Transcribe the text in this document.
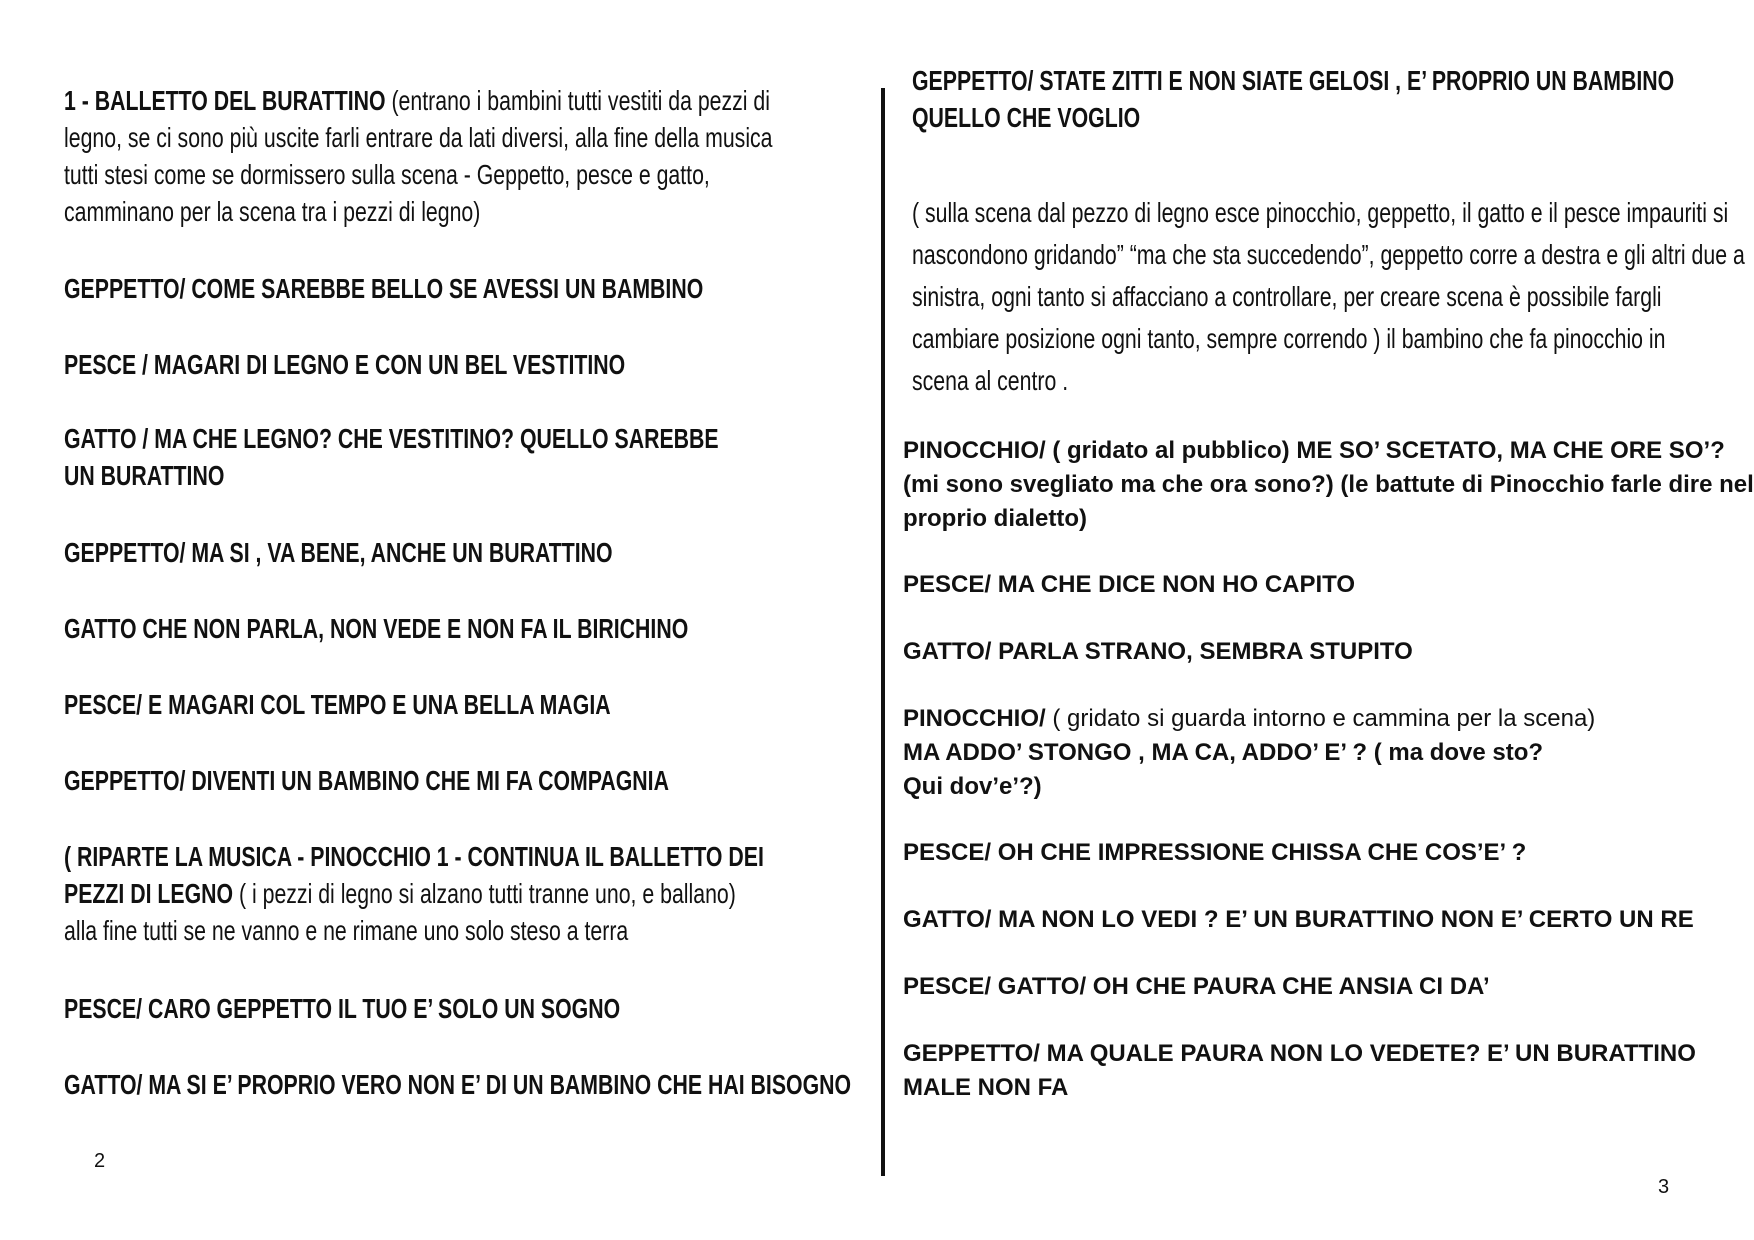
1 - BALLETTO DEL BURATTINO (entrano i bambini tutti vestiti da pezzi di
legno, se ci sono più uscite farli entrare da lati diversi, alla fine della musica
tutti stesi come se dormissero sulla scena - Geppetto, pesce e gatto,
camminano per la scena tra i pezzi di legno)
GEPPETTO/ COME SAREBBE BELLO SE AVESSI UN BAMBINO
PESCE / MAGARI DI LEGNO E CON UN BEL VESTITINO
GATTO / MA CHE LEGNO? CHE VESTITINO? QUELLO SAREBBE
UN BURATTINO
GEPPETTO/ MA SI , VA BENE, ANCHE UN BURATTINO
GATTO CHE NON PARLA, NON VEDE E NON FA IL BIRICHINO
PESCE/ E MAGARI COL TEMPO E UNA BELLA MAGIA
GEPPETTO/ DIVENTI UN BAMBINO CHE MI FA COMPAGNIA
( RIPARTE LA MUSICA - PINOCCHIO 1 - CONTINUA IL BALLETTO DEI
PEZZI DI LEGNO ( i pezzi di legno si alzano tutti tranne uno, e ballano)
alla fine tutti se ne vanno e ne rimane uno solo steso a terra
PESCE/ CARO GEPPETTO IL TUO E’ SOLO UN SOGNO
GATTO/ MA SI E’ PROPRIO VERO NON E’ DI UN BAMBINO CHE HAI BISOGNO
2
GEPPETTO/ STATE ZITTI E NON SIATE GELOSI , E’ PROPRIO UN BAMBINO
QUELLO CHE VOGLIO
( sulla scena dal pezzo di legno esce pinocchio, geppetto, il gatto e il pesce impauriti si
nascondono gridando” “ma che sta succedendo”, geppetto corre a destra e gli altri due a
sinistra, ogni tanto si affacciano a controllare, per creare scena è possibile fargli
cambiare posizione ogni tanto, sempre correndo ) il bambino che fa pinocchio in
scena al centro .
PINOCCHIO/ ( gridato al pubblico) ME SO’ SCETATO, MA CHE ORE SO’?
(mi sono svegliato ma che ora sono?) (le battute di Pinocchio farle dire nel
proprio dialetto)
PESCE/ MA CHE DICE NON HO CAPITO
GATTO/ PARLA STRANO, SEMBRA STUPITO
PINOCCHIO/ ( gridato si guarda intorno e cammina per la scena)
MA ADDO’ STONGO , MA CA, ADDO’ E’ ? ( ma dove sto?
Qui dov’e’?)
PESCE/ OH CHE IMPRESSIONE CHISSA CHE COS’E’ ?
GATTO/ MA NON LO VEDI ? E’ UN BURATTINO NON E’ CERTO UN RE
PESCE/ GATTO/ OH CHE PAURA CHE ANSIA CI DA’
GEPPETTO/ MA QUALE PAURA NON LO VEDETE? E’ UN BURATTINO
MALE NON FA
3
